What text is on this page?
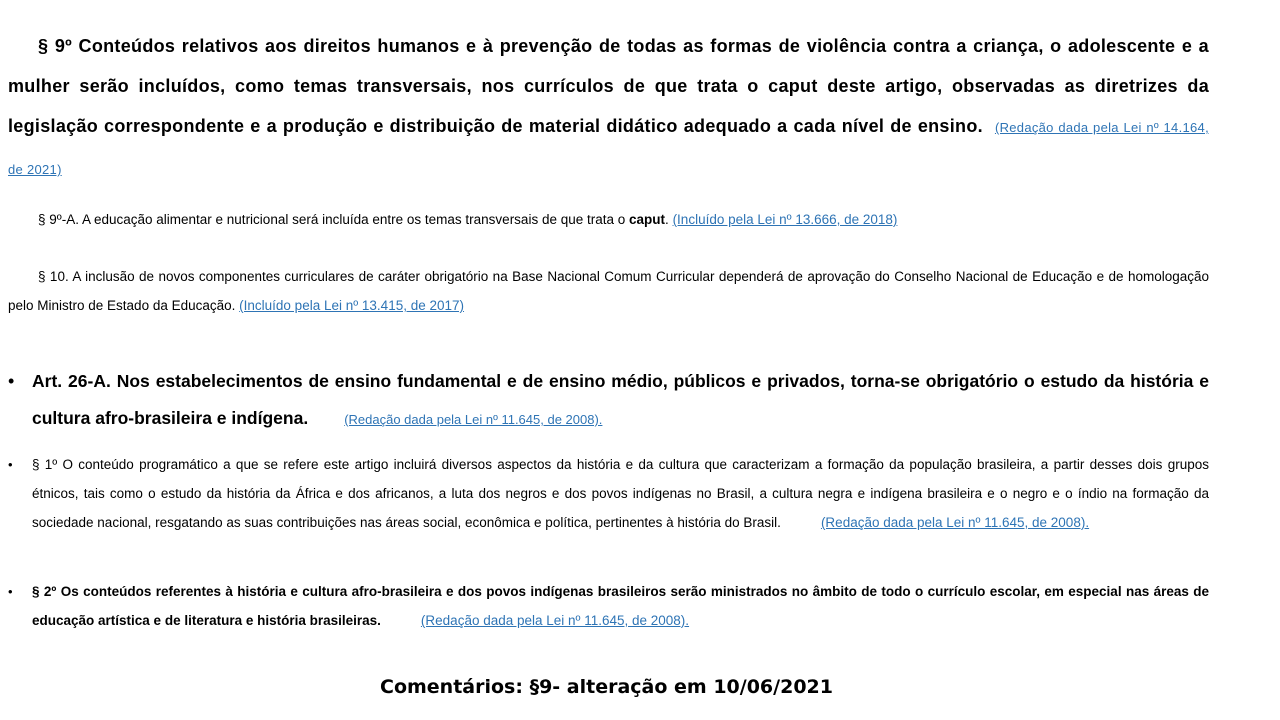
§ 9º Conteúdos relativos aos direitos humanos e à prevenção de todas as formas de violência contra a criança, o adolescente e a mulher serão incluídos, como temas transversais, nos currículos de que trata o caput deste artigo, observadas as diretrizes da legislação correspondente e a produção e distribuição de material didático adequado a cada nível de ensino. (Redação dada pela Lei nº 14.164, de 2021)

§ 9º-A. A educação alimentar e nutricional será incluída entre os temas transversais de que trata o caput. (Incluído pela Lei nº 13.666, de 2018)

§ 10. A inclusão de novos componentes curriculares de caráter obrigatório na Base Nacional Comum Curricular dependerá de aprovação do Conselho Nacional de Educação e de homologação pelo Ministro de Estado da Educação. (Incluído pela Lei nº 13.415, de 2017)

• Art. 26-A. Nos estabelecimentos de ensino fundamental e de ensino médio, públicos e privados, torna-se obrigatório o estudo da história e cultura afro-brasileira e indígena.	(Redação dada pela Lei nº 11.645, de 2008).

• § 1º O conteúdo programático a que se refere este artigo incluirá diversos aspectos da história e da cultura que caracterizam a formação da população brasileira, a partir desses dois grupos étnicos, tais como o estudo da história da África e dos africanos, a luta dos negros e dos povos indígenas no Brasil, a cultura negra e indígena brasileira e o negro e o índio na formação da sociedade nacional, resgatando as suas contribuições nas áreas social, econômica e política, pertinentes à história do Brasil.	(Redação dada pela Lei nº 11.645, de 2008).

• § 2º Os conteúdos referentes à história e cultura afro-brasileira e dos povos indígenas brasileiros serão ministrados no âmbito de todo o currículo escolar, em especial nas áreas de educação artística e de literatura e história brasileiras.	(Redação dada pela Lei nº 11.645, de 2008).

Comentários: §9- alteração em 10/06/2021
